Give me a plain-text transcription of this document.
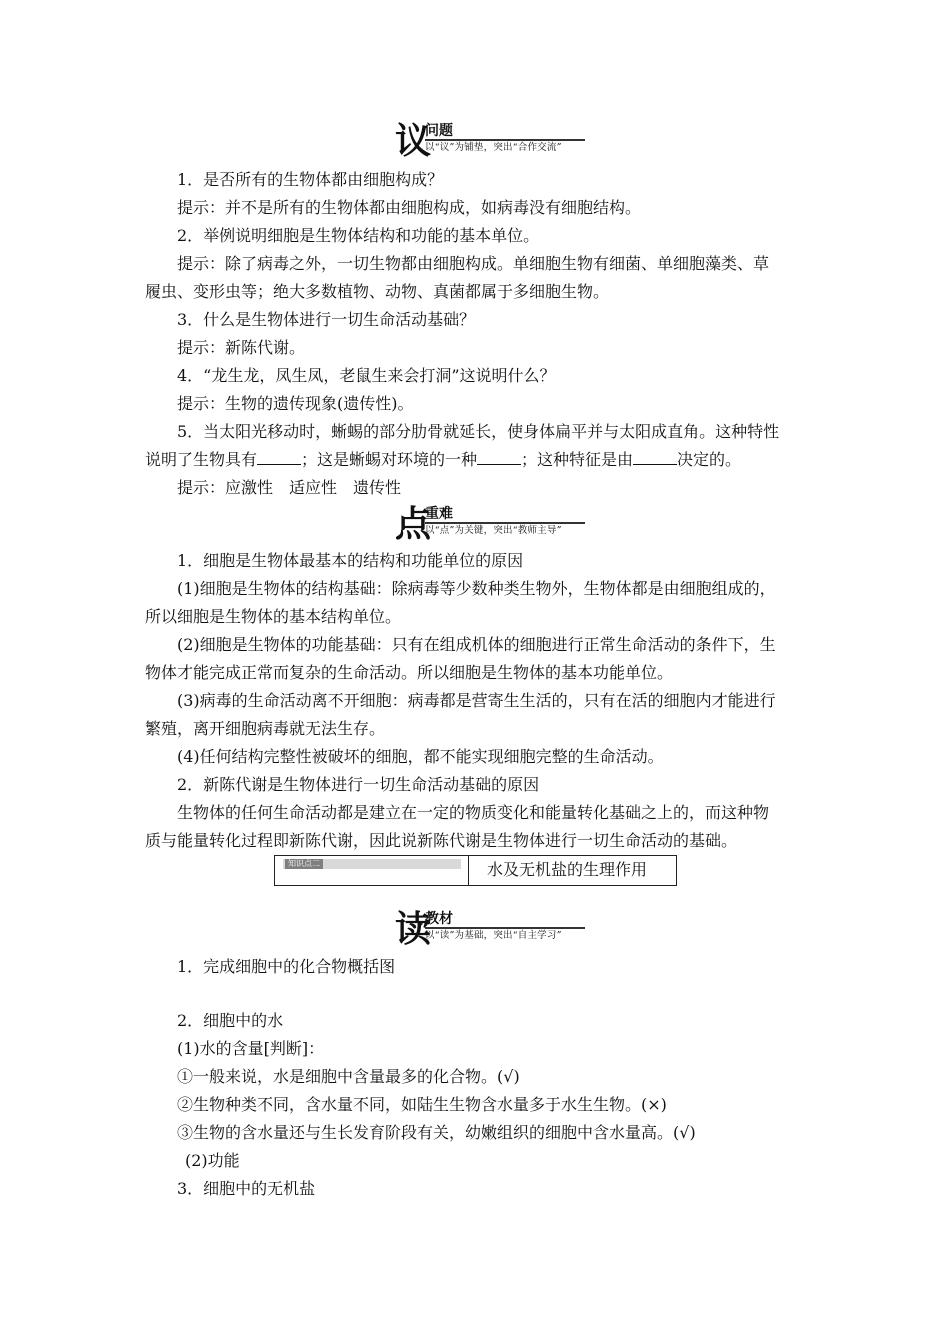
议
问题
以“议”为铺垫，突出“合作交流”
1．是否所有的生物体都由细胞构成？
提示：并不是所有的生物体都由细胞构成，如病毒没有细胞结构。
2．举例说明细胞是生物体结构和功能的基本单位。
提示：除了病毒之外，一切生物都由细胞构成。单细胞生物有细菌、单细胞藻类、草
履虫、变形虫等；绝大多数植物、动物、真菌都属于多细胞生物。
3．什么是生物体进行一切生命活动基础？
提示：新陈代谢。
4．“龙生龙，凤生凤，老鼠生来会打洞”这说明什么？
提示：生物的遗传现象(遗传性)。
5．当太阳光移动时，蜥蜴的部分肋骨就延长，使身体扁平并与太阳成直角。这种特性
说明了生物具有	；这是蜥蜴对环境的一种	；这种特征是由	决定的。
提示：应激性　适应性　遗传性
点
重难
以“点”为关键，突出“教师主导”
1．细胞是生物体最基本的结构和功能单位的原因
(1)细胞是生物体的结构基础：除病毒等少数种类生物外，生物体都是由细胞组成的，
所以细胞是生物体的基本结构单位。
(2)细胞是生物体的功能基础：只有在组成机体的细胞进行正常生命活动的条件下，生
物体才能完成正常而复杂的生命活动。所以细胞是生物体的基本功能单位。
(3)病毒的生命活动离不开细胞：病毒都是营寄生生活的，只有在活的细胞内才能进行
繁殖，离开细胞病毒就无法生存。
(4)任何结构完整性被破坏的细胞，都不能实现细胞完整的生命活动。
2．新陈代谢是生物体进行一切生命活动基础的原因
生物体的任何生命活动都是建立在一定的物质变化和能量转化基础之上的，而这种物
质与能量转化过程即新陈代谢，因此说新陈代谢是生物体进行一切生命活动的基础。
知识点二	水及无机盐的生理作用
读
教材
以“读”为基础，突出“自主学习”
1．完成细胞中的化合物概括图
2．细胞中的水
(1)水的含量[判断]：
①一般来说，水是细胞中含量最多的化合物。(√)
②生物种类不同，含水量不同，如陆生生物含水量多于水生生物。(×)
③生物的含水量还与生长发育阶段有关，幼嫩组织的细胞中含水量高。(√)
(2)功能
3．细胞中的无机盐
